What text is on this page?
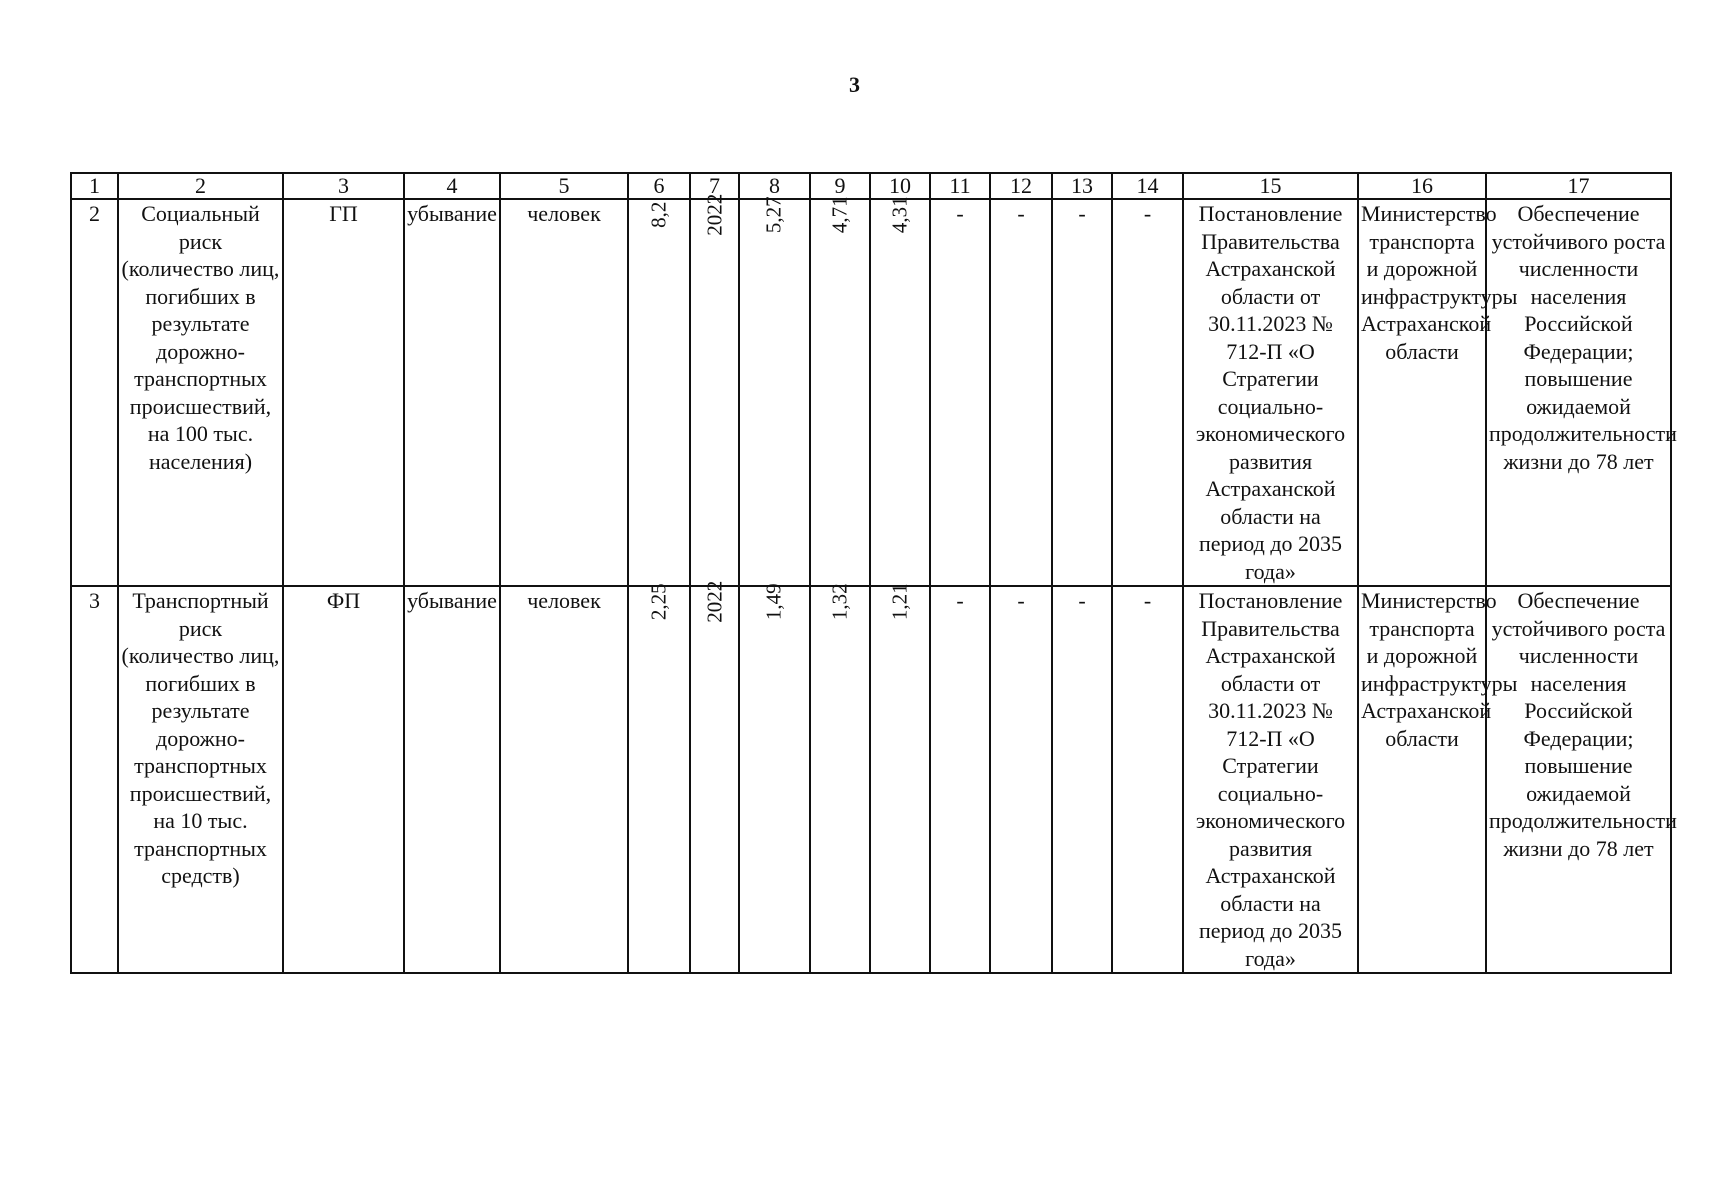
3
1	2	3	4	5	6	7	8	9	10	11	12	13	14	15	16	17
2	Социальный риск (количество лиц, погибших в результате дорожно-транспортных происшествий, на 100 тыс. населения)	ГП	убывание	человек	8,2	2022	5,27	4,71	4,31	-	-	-	-	Постановление Правительства Астраханской области от 30.11.2023 № 712-П «О Стратегии социально-экономического развития Астраханской области на период до 2035 года»	Министерство транспорта и дорожной инфраструктуры Астраханской области	Обеспечение устойчивого роста численности населения Российской Федерации; повышение ожидаемой продолжительности жизни до 78 лет
3	Транспортный риск (количество лиц, погибших в результате дорожно-транспортных происшествий, на 10 тыс. транспортных средств)	ФП	убывание	человек	2,25	2022	1,49	1,32	1,21	-	-	-	-	Постановление Правительства Астраханской области от 30.11.2023 № 712-П «О Стратегии социально-экономического развития Астраханской области на период до 2035 года»	Министерство транспорта и дорожной инфраструктуры Астраханской области	Обеспечение устойчивого роста численности населения Российской Федерации; повышение ожидаемой продолжительности жизни до 78 лет
